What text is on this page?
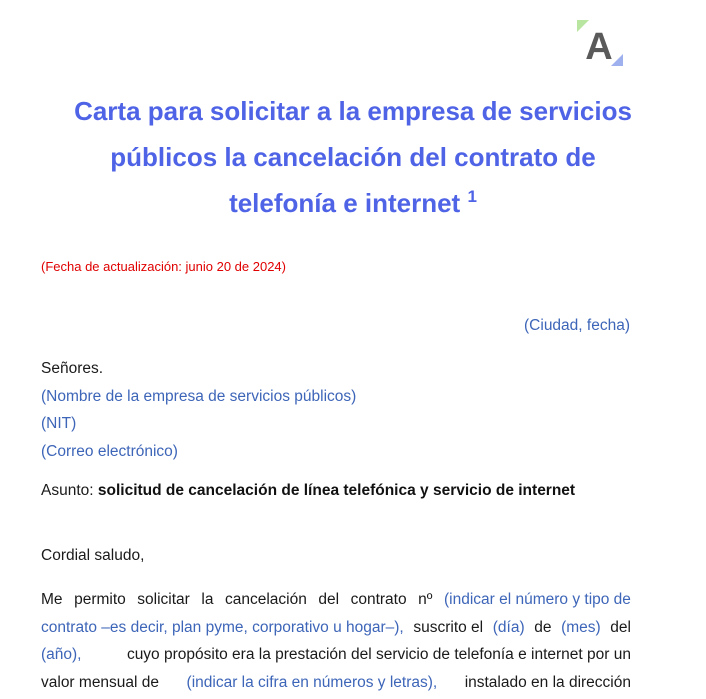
A
Carta para solicitar a la empresa de servicios
públicos la cancelación del contrato de
telefonía e internet $^1$
(Fecha de actualización: junio 20 de 2024)
(Ciudad, fecha)
Señores.
(Nombre de la empresa de servicios públicos)
(NIT)
(Correo electrónico)
Asunto: solicitud de cancelación de línea telefónica y servicio de internet
Cordial saludo,
Me permito solicitar la cancelación del contrato nº (indicar el número y tipo de
contrato –es decir, plan pyme, corporativo u hogar–), suscrito el (día) de (mes) del
(año),	cuyo propósito era la prestación del servicio de telefonía e internet por un
valor mensual de (indicar la cifra en números y letras), instalado en la dirección
